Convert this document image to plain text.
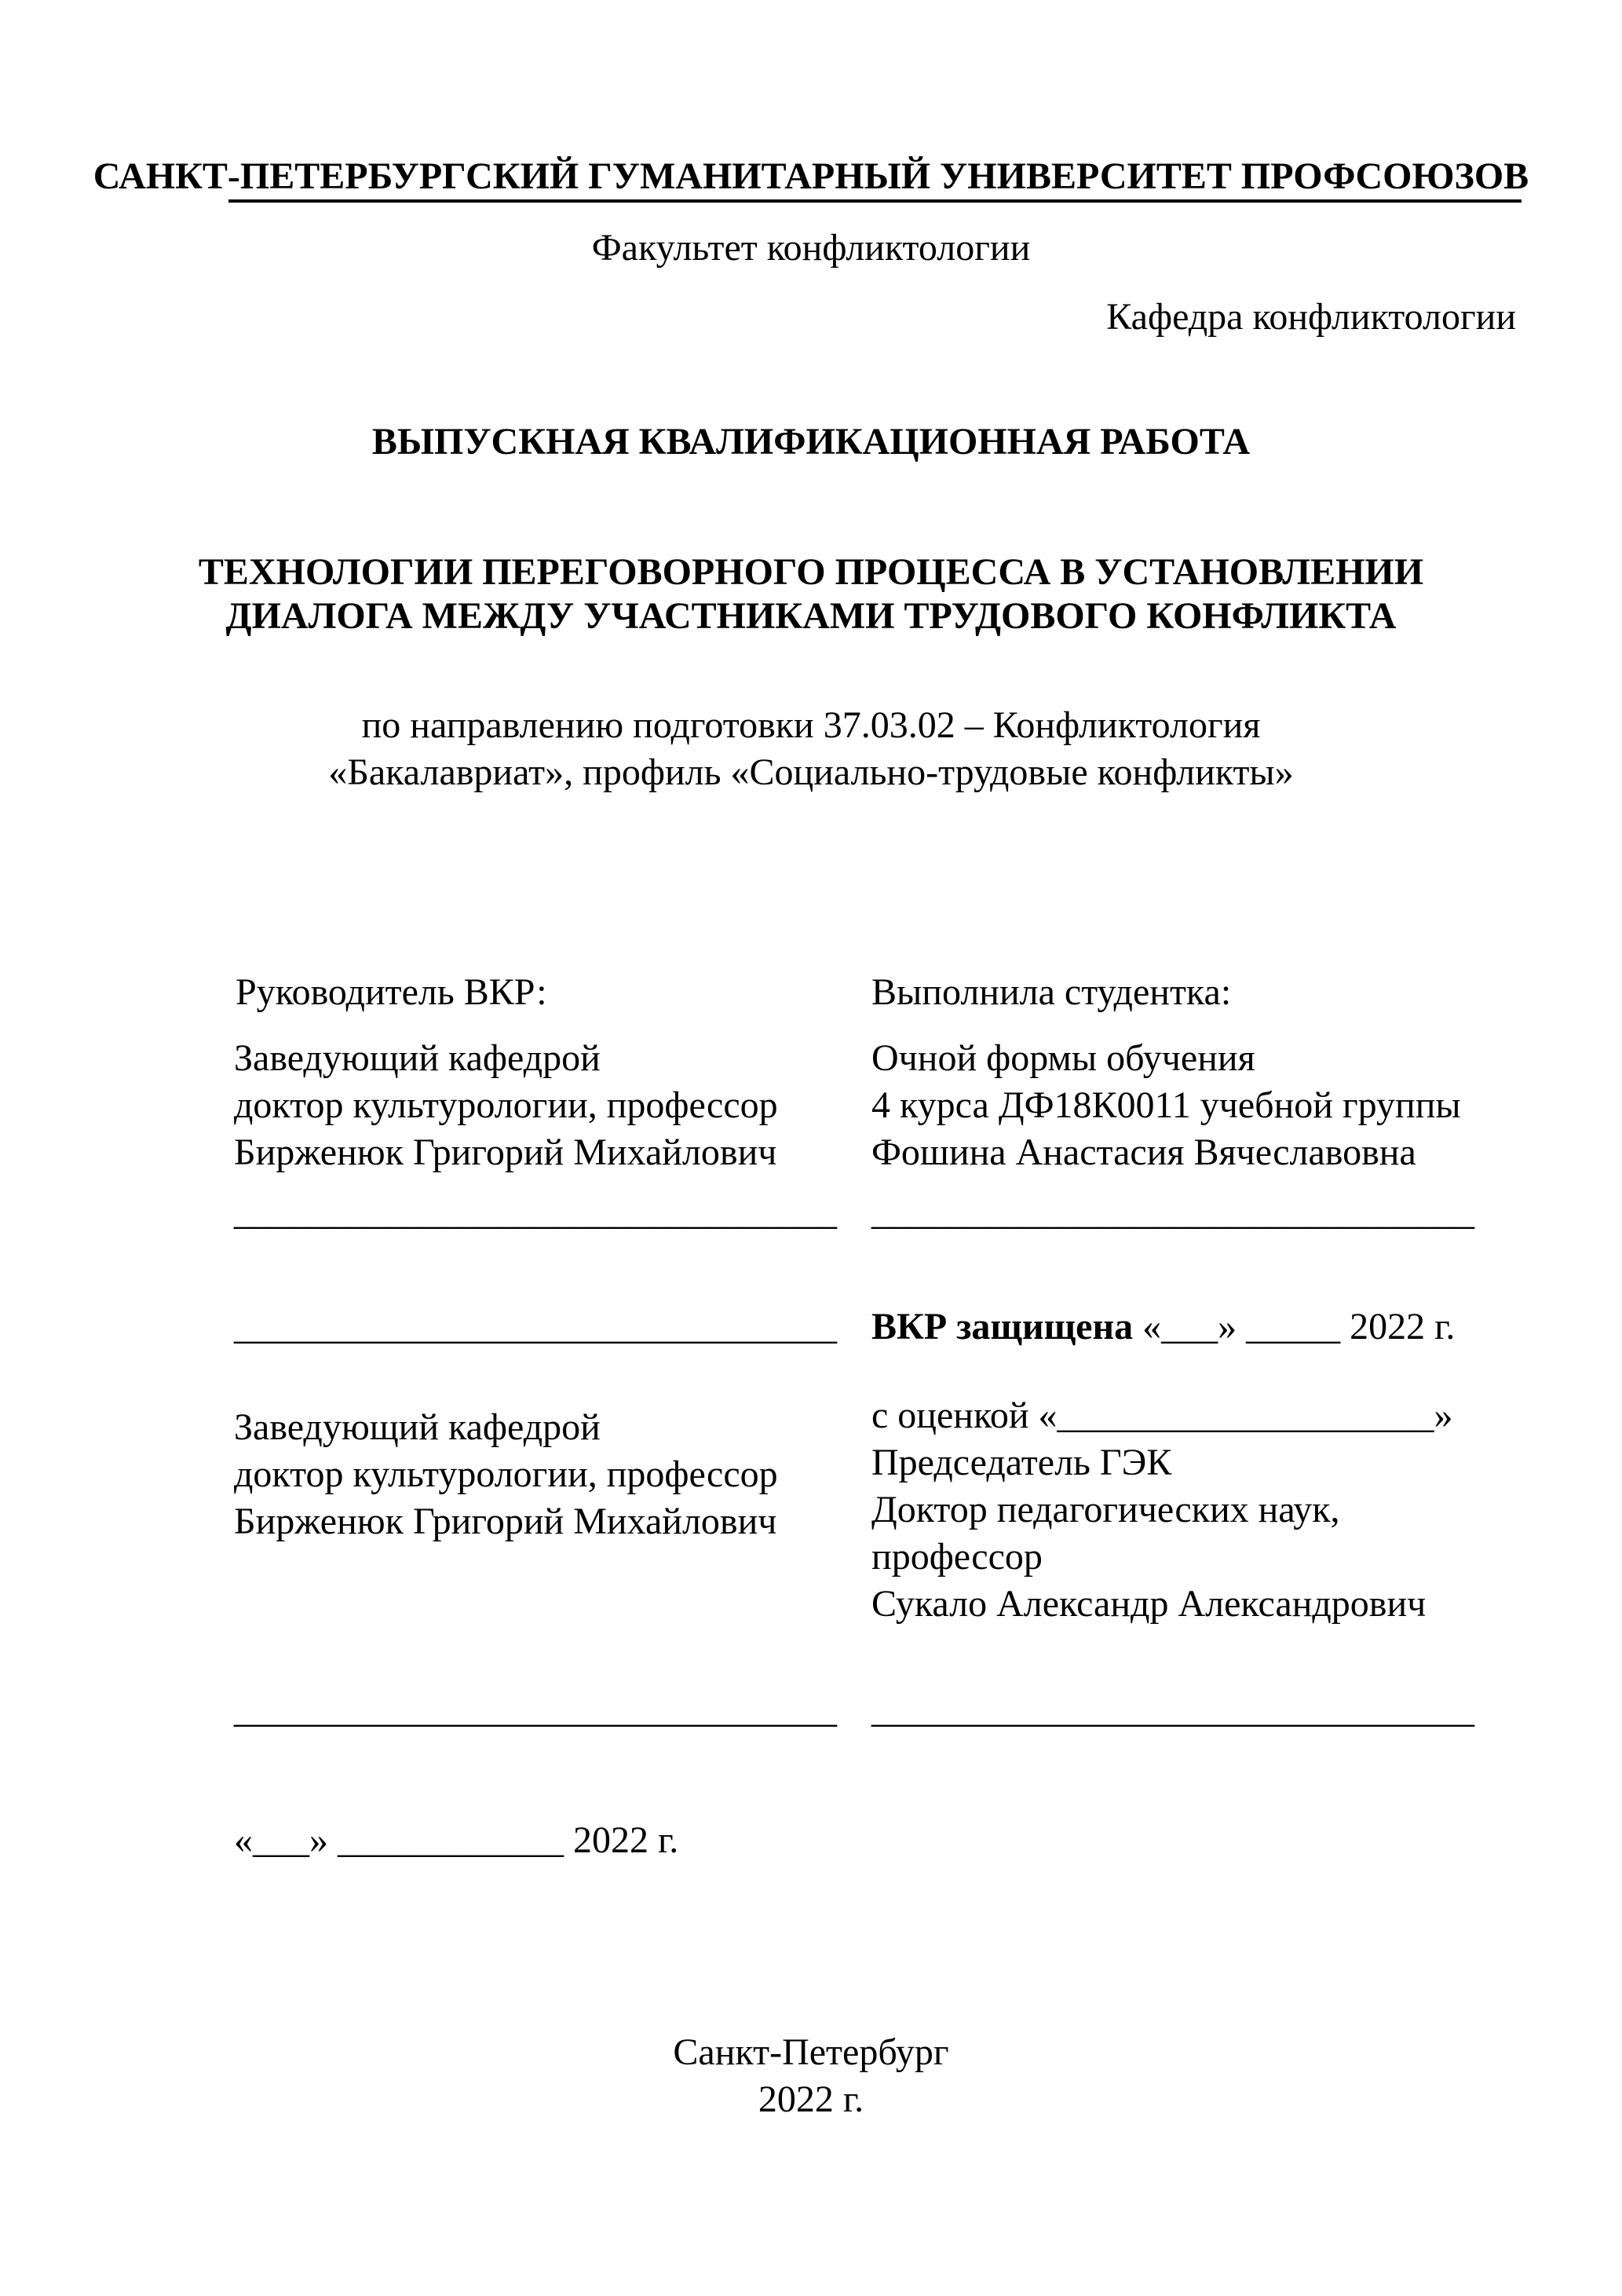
САНКТ-ПЕТЕРБУРГСКИЙ ГУМАНИТАРНЫЙ УНИВЕРСИТЕТ ПРОФСОЮЗОВ
Факультет конфликтологии
Кафедра конфликтологии
ВЫПУСКНАЯ КВАЛИФИКАЦИОННАЯ РАБОТА
ТЕХНОЛОГИИ ПЕРЕГОВОРНОГО ПРОЦЕССА В УСТАНОВЛЕНИИ
ДИАЛОГА МЕЖДУ УЧАСТНИКАМИ ТРУДОВОГО КОНФЛИКТА
по направлению подготовки 37.03.02 – Конфликтология
«Бакалавриат», профиль «Социально-трудовые конфликты»
Руководитель ВКР:
Заведующий кафедрой
доктор культурологии, профессор
Бирженюк Григорий Михайлович
________________________________
________________________________
Заведующий кафедрой
доктор культурологии, профессор
Бирженюк Григорий Михайлович
________________________________
«___» ____________ 2022 г.
Выполнила студентка:
Очной формы обучения
4 курса ДФ18К0011 учебной группы
Фошина Анастасия Вячеславовна
________________________________
ВКР защищена «___» _____ 2022 г.
с оценкой «____________________»
Председатель ГЭК
Доктор педагогических наук,
профессор
Сукало Александр Александрович
________________________________
Санкт-Петербург
2022 г.
